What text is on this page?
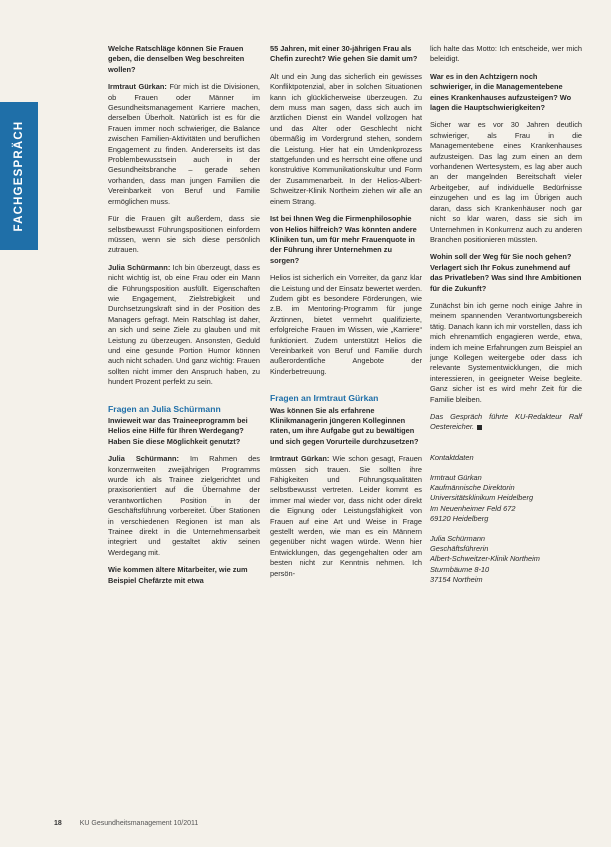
FACHGESPRÄCH

Welche Ratschläge können Sie Frauen geben, die denselben Weg beschreiten wollen?

Irmtraut Gürkan: Für mich ist die Divisionen, ob Frauen oder Männer im Gesundheitsmanagement Karriere machen, derselben Überholt. Natürlich ist es für die Frauen immer noch schwieriger, die Balance zwischen Familien-Aktivitäten und beruflichen Engagement zu finden. Andererseits ist das Problembewusstsein auch in der Gesundheitsbranche – gerade sehen vorhanden, dass man jungen Familien die Vereinbarkeit von Beruf und Familie ermöglichen muss.

Für die Frauen gilt außerdem, dass sie selbstbewusst Führungspositionen einfordern müssen, wenn sie sich diese persönlich zutrauen.

Julia Schürmann: Ich bin überzeugt, dass es nicht wichtig ist, ob eine Frau oder ein Mann die Führungsposition ausfüllt. Eigenschaften wie Engagement, Zielstrebigkeit und Durchsetzungskraft sind in der Position des Managers gefragt. Mein Ratschlag ist daher, an sich und seine Ziele zu glauben und mit Leistung zu überzeugen. Ansonsten, Geduld und eine gesunde Portion Humor können auch nicht schaden. Und ganz wichtig: Frauen sollten nicht immer den Anspruch haben, zu hundert Prozent perfekt zu sein.

Fragen an Julia Schürmann

Inwieweit war das Traineeprogramm bei Helios eine Hilfe für Ihren Werdegang? Haben Sie diese Möglichkeit genutzt?

Julia Schürmann: Im Rahmen des konzernweiten zweijährigen Programms wurde ich als Trainee zielgerichtet und praxisorientiert auf die Übernahme der verantwortlichen Position in der Geschäftsführung vorbereitet. Über Stationen in verschiedenen Regionen ist man als Trainee direkt in die Unternehmensarbeit integriert und gestaltet aktiv seinen Werdegang mit.

Wie kommen ältere Mitarbeiter, wie zum Beispiel Chefärzte mit etwa

55 Jahren, mit einer 30-jährigen Frau als Chefin zurecht? Wie gehen Sie damit um?

Alt und ein Jung das sicherlich ein gewisses Konfliktpotenzial, aber in solchen Situationen kann ich glücklicherweise überzeugen. Zu dem muss man sagen, dass sich auch im ärztlichen Dienst ein Wandel vollzogen hat und das Alter oder Geschlecht nicht übermäßig im Vordergrund stehen, sondern die Leistung. Hier hat ein Umdenkprozess stattgefunden und es herrscht eine offene und konstruktive Kommunikationskultur und Form der Zusammenarbeit. In der Helios-Albert-Schweitzer-Klinik Northeim ziehen wir alle an einem Strang.

Ist bei Ihnen Weg die Firmenphilosophie von Helios hilfreich? Was könnten andere Kliniken tun, um für mehr Frauenquote in der Führung ihrer Unternehmen zu sorgen?

Helios ist sicherlich ein Vorreiter, da ganz klar die Leistung und der Einsatz bewertet werden. Zudem gibt es besondere Förderungen, wie z.B. im Mentoring-Programm für junge Ärztinnen, bietet vermehrt qualifizierte, erfolgreiche Frauen im Wissen, wie „Karriere“ funktioniert. Zudem unterstützt Helios die Vereinbarkeit von Beruf und Familie durch außerordentliche Angebote der Kinderbetreuung.

Fragen an Irmtraut Gürkan

Was können Sie als erfahrene Klinikmanagerin jüngeren Kolleginnen raten, um ihre Aufgabe gut zu bewältigen und sich gegen Vorurteile durchzusetzen?

Irmtraut Gürkan: Wie schon gesagt, Frauen müssen sich trauen. Sie sollten ihre Fähigkeiten und Führungsqualitäten selbstbewusst vertreten. Leider kommt es immer mal wieder vor, dass nicht oder direkt die Eignung oder Leistungsfähigkeit von Frauen auf eine Art und Weise in Frage gestellt werden, wie man es ein Männern gegenüber nicht wagen würde. Wenn hier Entwicklungen, das gegengehalten oder am besten nicht zur Kenntnis nehmen. Ich persön-

lich halte das Motto: Ich entscheide, wer mich beleidigt.

War es in den Achtzigern noch schwieriger, in die Managementebene eines Krankenhauses aufzusteigen? Wo lagen die Hauptschwierigkeiten?

Sicher war es vor 30 Jahren deutlich schwieriger, als Frau in die Managementebene eines Krankenhauses aufzusteigen. Das lag zum einen an dem vorhandenen Wertesystem, es lag aber auch an der mangelnden Bereitschaft vieler Arbeitgeber, auf individuelle Bedürfnisse einzugehen und es lag im Übrigen auch daran, dass sich Krankenhäuser noch gar nicht so klar waren, dass sie sich im Unternehmen in Konkurrenz auch zu anderen Branchen positionieren müssten.

Wohin soll der Weg für Sie noch gehen? Verlagert sich Ihr Fokus zunehmend auf das Privatleben? Was sind Ihre Ambitionen für die Zukunft?

Zunächst bin ich gerne noch einige Jahre in meinem spannenden Verantwortungsbereich tätig. Danach kann ich mir vorstellen, dass ich mich ehrenamtlich engagieren werde, etwa, indem ich meine Erfahrungen zum Beispiel an junge Kollegen weitergebe oder dass ich relevante Systementwicklungen, die mich interessieren, in geeigneter Weise begleite. Ganz sicher ist es wird mehr Zeit für die Familie bleiben.

Das Gespräch führte KU-Redakteur Ralf Oestereicher.

Kontaktdaten

Irmtraut Gürkan
Kaufmännische Direktorin
Universitätsklinikum Heidelberg
Im Neuenheimer Feld 672
69120 Heidelberg
Julia Schürmann
Geschäftsführerin
Albert-Schweitzer-Klinik Northeim
Sturmbäume 8-10
37154 Northeim
18	KU Gesundheitsmanagement 10/2011
